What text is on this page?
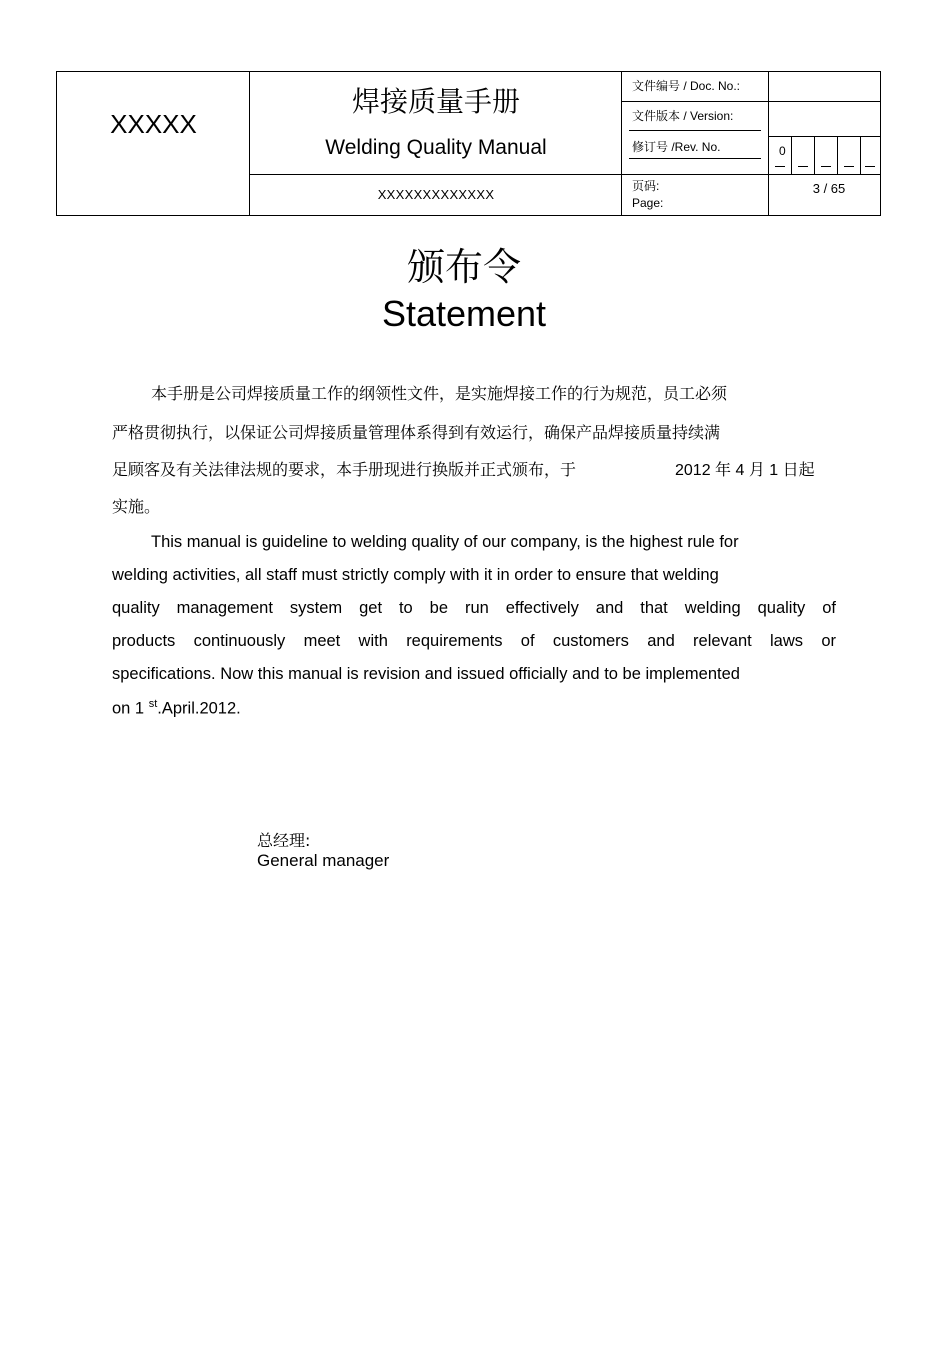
XXXXX
焊接质量手册
Welding Quality Manual
XXXXXXXXXXXXX
文件编号 / Doc. No.:
文件版本 / Version:
修订号 /Rev. No.	0
页码:
Page:
3 / 65
颁布令
Statement
本手册是公司焊接质量工作的纲领性文件，是实施焊接工作的行为规范，员工必须
严格贯彻执行，以保证公司焊接质量管理体系得到有效运行，确保产品焊接质量持续满
足顾客及有关法律法规的要求，本手册现进行换版并正式颁布，于	2012 年 4 月 1 日起
实施。
This manual is guideline to welding quality of our company, is the highest rule for
welding activities, all staff must strictly comply with it in order to ensure that welding
quality management system get to be run effectively and that welding quality of
products continuously meet with requirements of customers and relevant laws or
specifications. Now this manual is revision and issued officially and to be implemented
on 1 $^{st}$.April.2012.
总经理:
General manager
